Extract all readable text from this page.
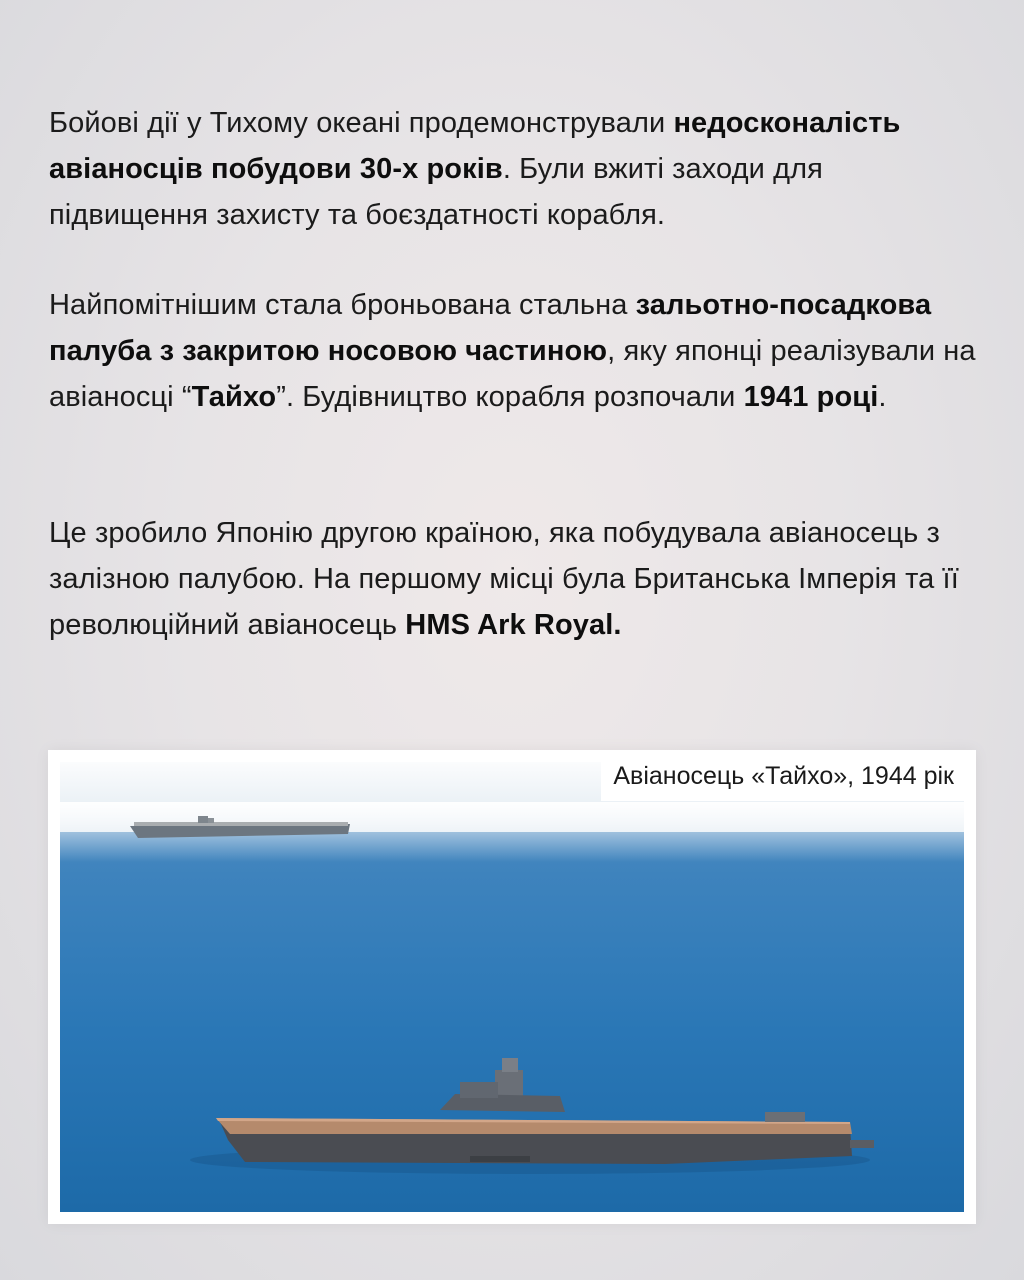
Бойові дії у Тихому океані продемонстрували недосконалість авіаносців побудови 30-х років. Були вжиті заходи для підвищення захисту та боєздатності корабля.
Найпомітнішим стала броньована стальна зальотно-посадкова палуба з закритою носовою частиною, яку японці реалізували на авіаносці “Тайхо”. Будівництво корабля розпочали 1941 році.
Це зробило Японію другою країною, яка побудувала авіаносець з залізною палубою. На першому місці була Британська Імперія та її революційний авіаносець HMS Ark Royal.
Авіаносець «Тайхо», 1944 рік
